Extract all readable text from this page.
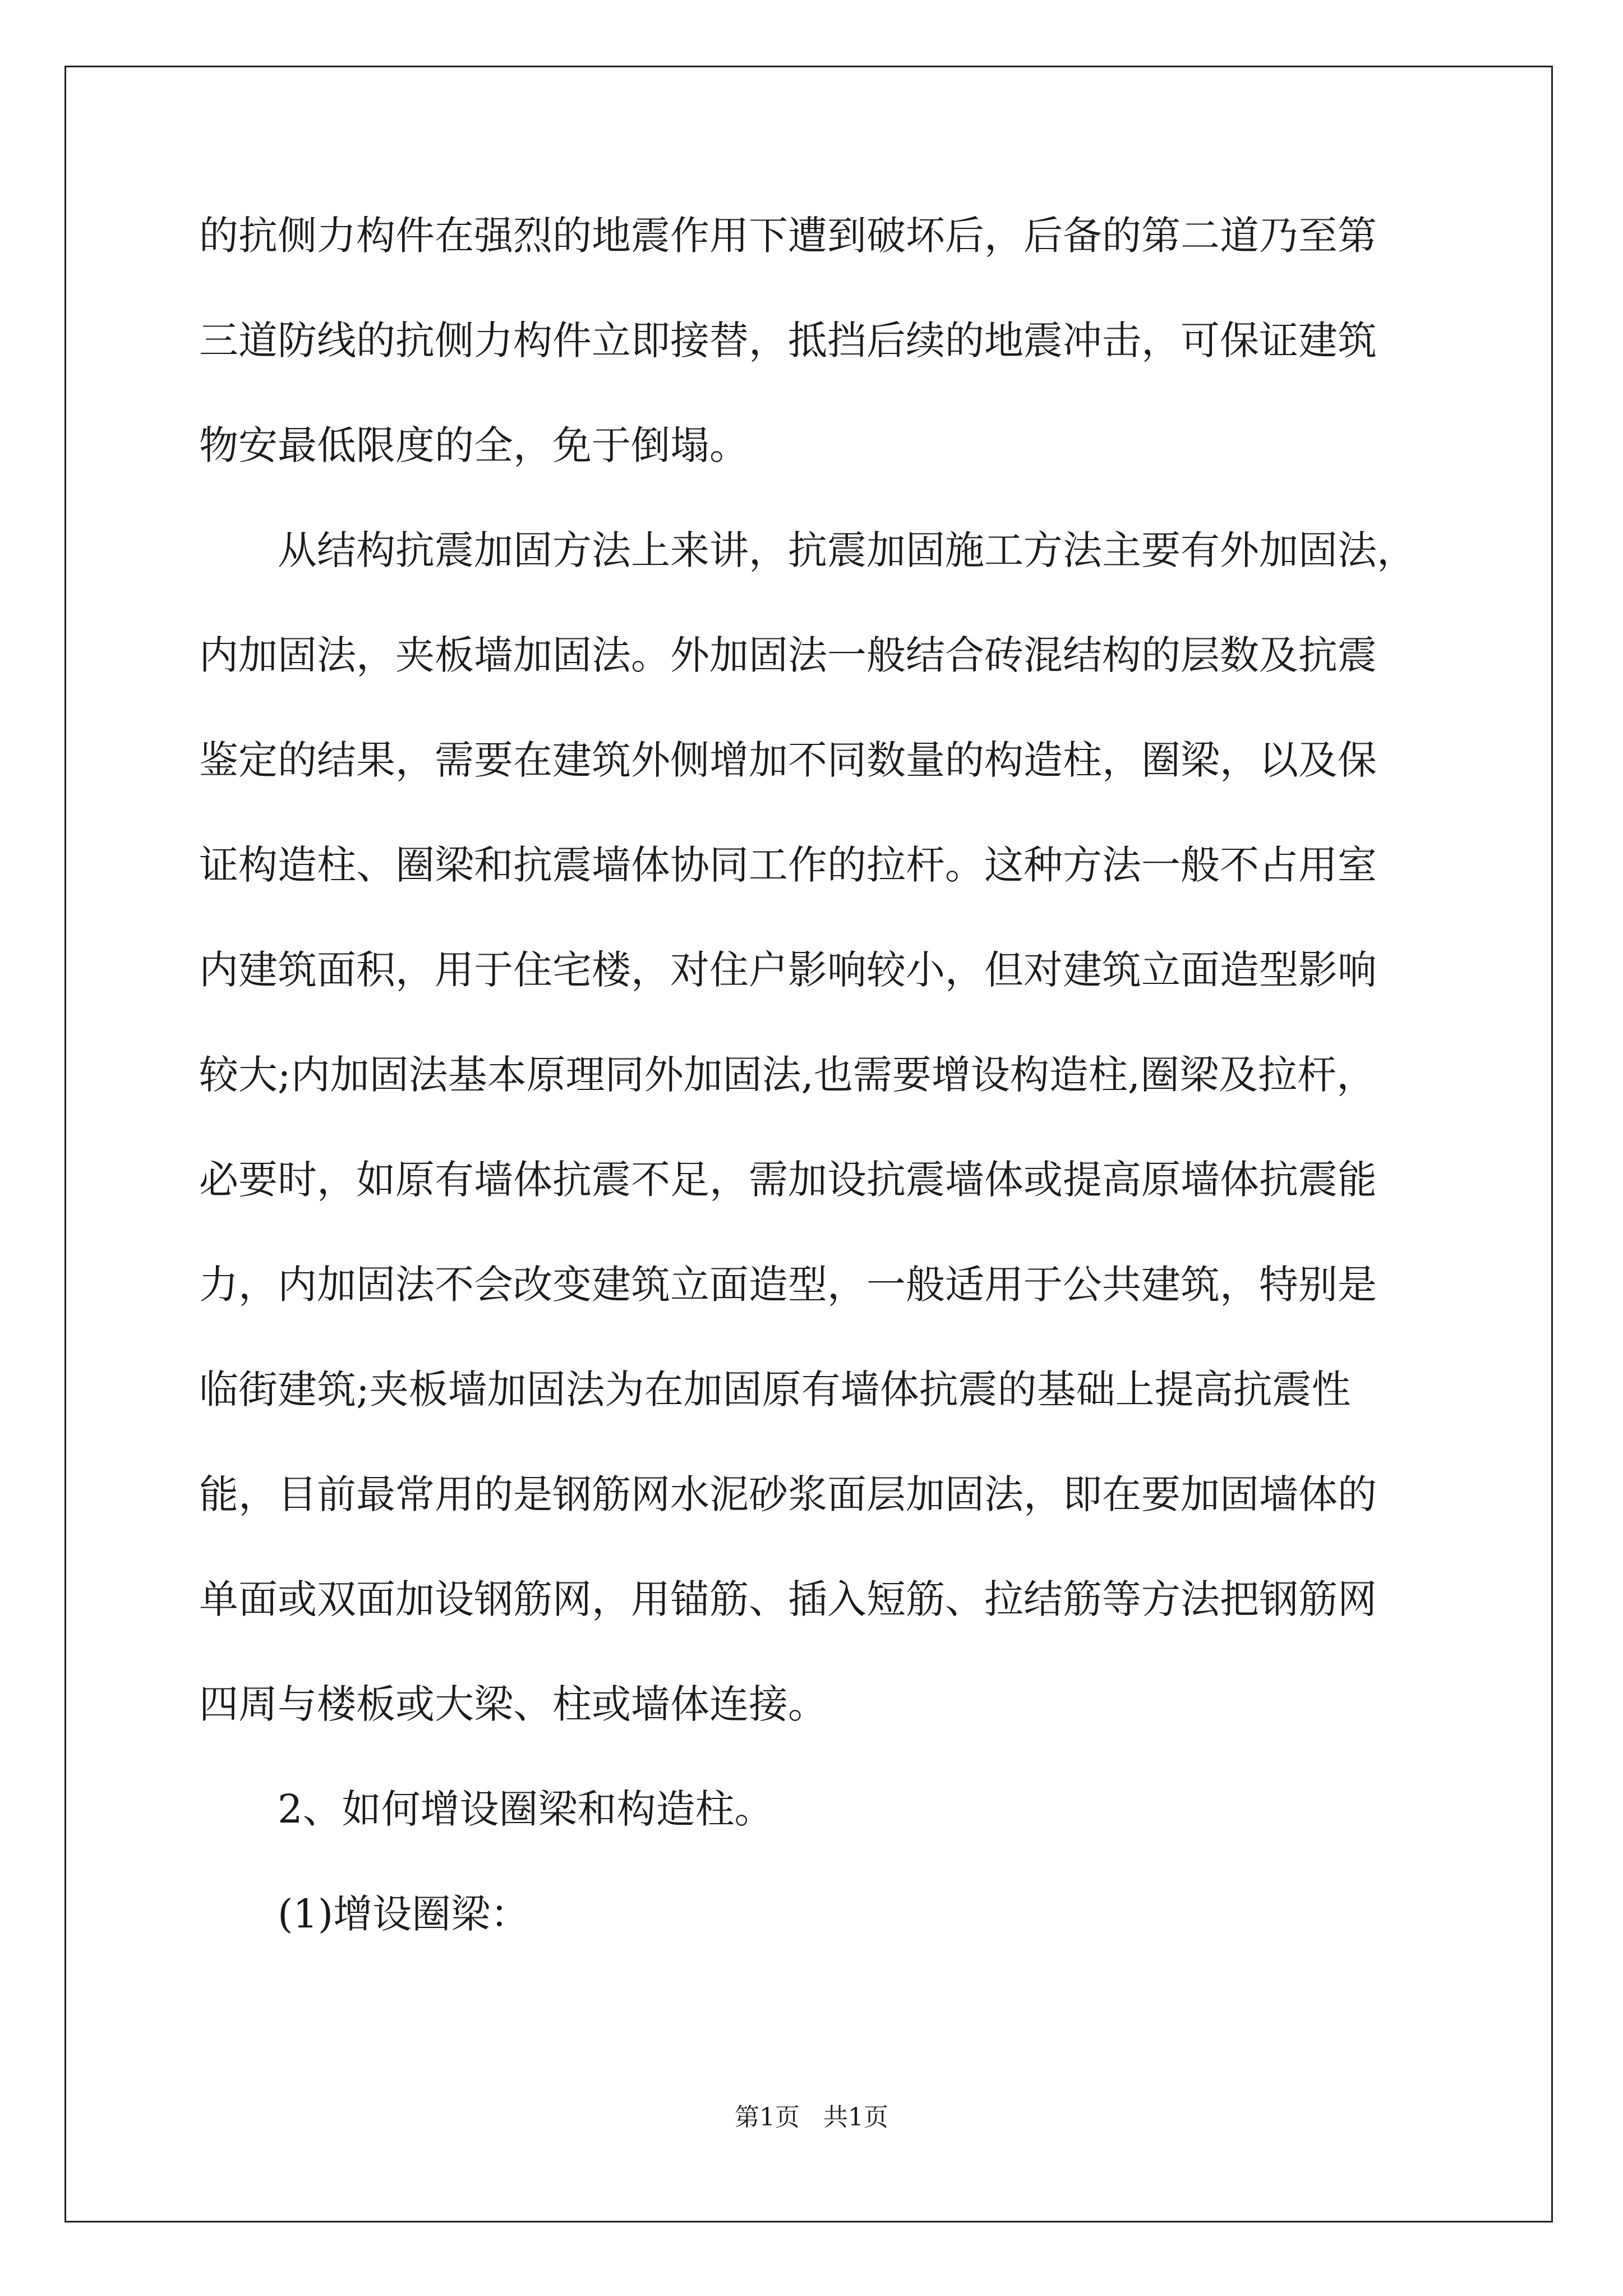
的抗侧力构件在强烈的地震作用下遭到破坏后，后备的第二道乃至第
三道防线的抗侧力构件立即接替，抵挡后续的地震冲击，可保证建筑
物安最低限度的全，免于倒塌。
从结构抗震加固方法上来讲，抗震加固施工方法主要有外加固法，
内加固法，夹板墙加固法。外加固法一般结合砖混结构的层数及抗震
鉴定的结果，需要在建筑外侧增加不同数量的构造柱，圈梁，以及保
证构造柱、圈梁和抗震墙体协同工作的拉杆。这种方法一般不占用室
内建筑面积，用于住宅楼，对住户影响较小，但对建筑立面造型影响
较大;内加固法基本原理同外加固法,也需要增设构造柱,圈梁及拉杆，
必要时，如原有墙体抗震不足，需加设抗震墙体或提高原墙体抗震能
力，内加固法不会改变建筑立面造型，一般适用于公共建筑，特别是
临街建筑;夹板墙加固法为在加固原有墙体抗震的基础上提高抗震性
能，目前最常用的是钢筋网水泥砂浆面层加固法，即在要加固墙体的
单面或双面加设钢筋网，用锚筋、插入短筋、拉结筋等方法把钢筋网
四周与楼板或大梁、柱或墙体连接。
2、如何增设圈梁和构造柱。
(1)增设圈梁：
第1页   共1页
